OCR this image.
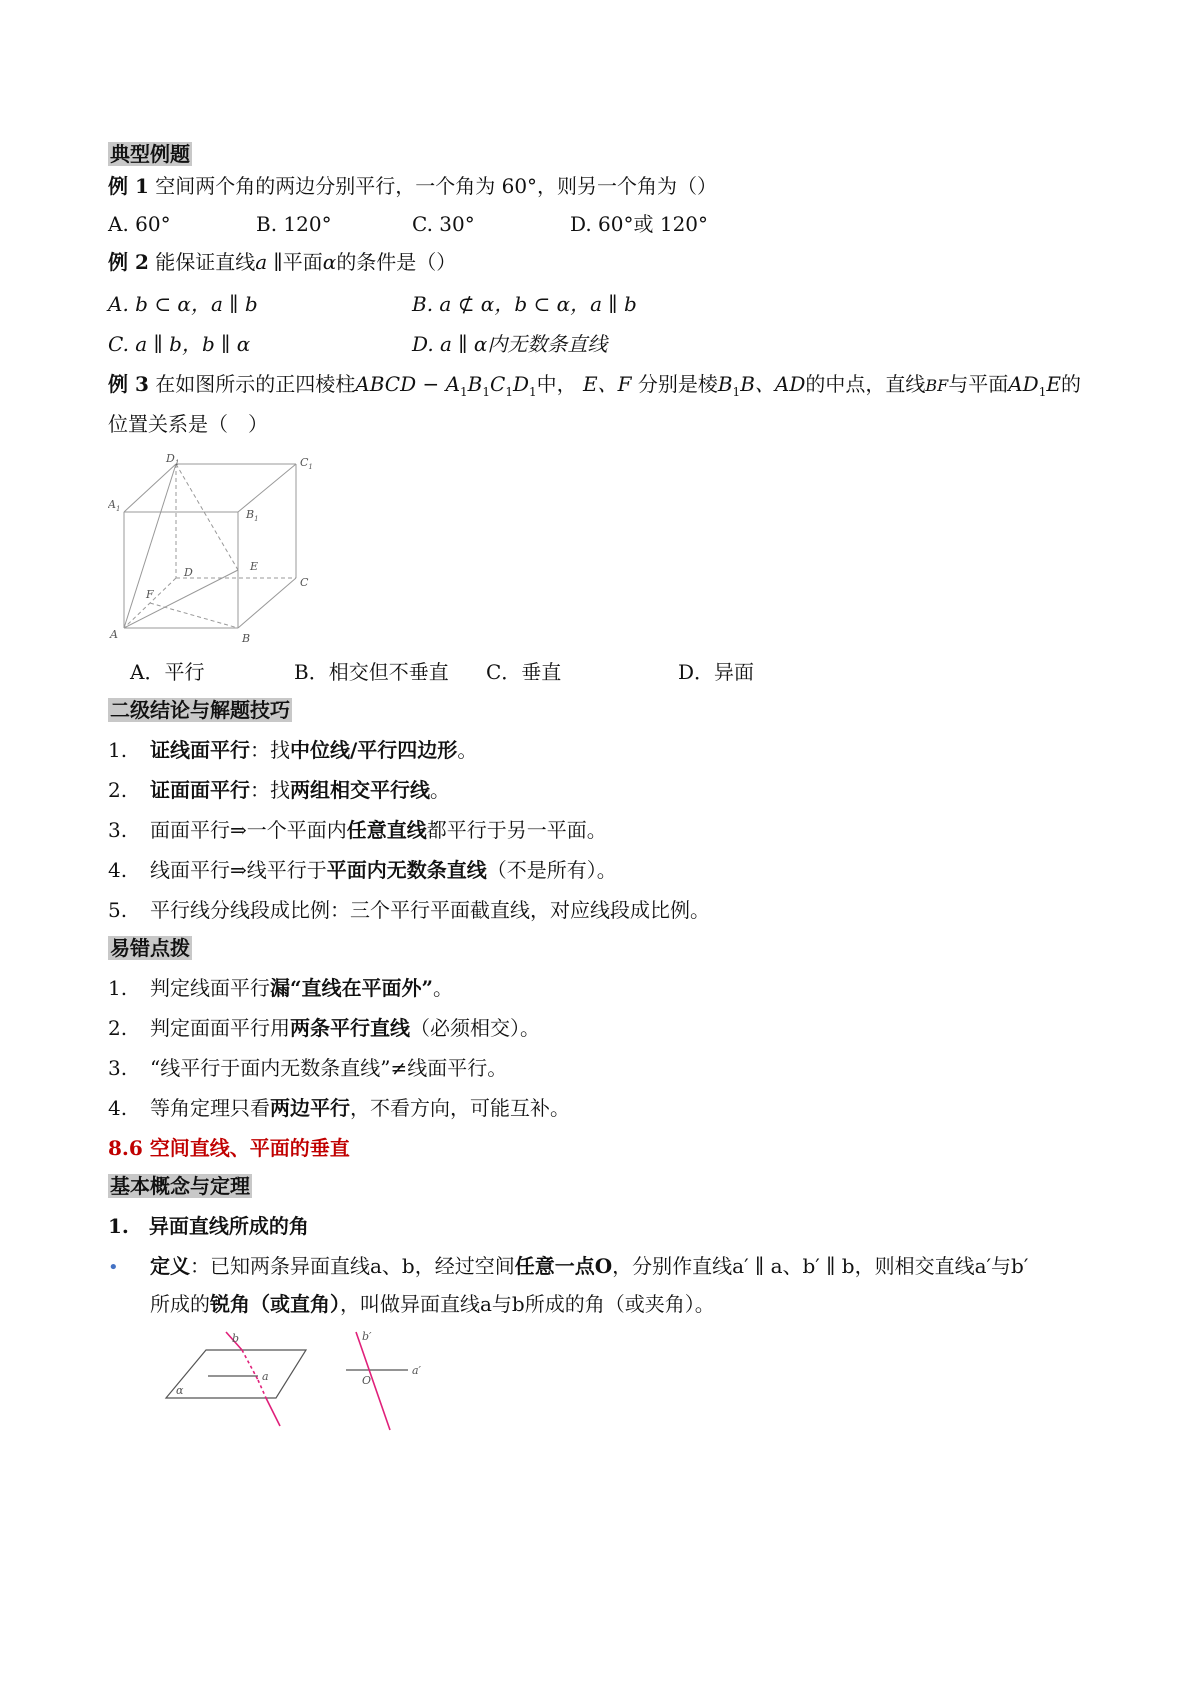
典型例题
例 1 空间两个角的两边分别平行，一个角为 60°，则另一个角为（）
A. 60°	B. 120°	C. 30°	D. 60°或 120°
例 2 能保证直线a ∥平面α的条件是（）
A. b ⊂ α，a ∥ b	B. a ⊄ α，b ⊂ α，a ∥ b
C. a ∥ b，b ∥ α	D. a ∥ α内无数条直线
例 3 在如图所示的正四棱柱ABCD − $A_1B_1C_1D_1$中， E、F 分别是棱$B_1B$、AD的中点，直线BF与平面$AD_1E$的
位置关系是（　）
$D_1$	$C_1$
$A_1$	$B_1$
D	E
C
F
A	B
A．平行	B．相交但不垂直 C．垂直	D．异面
二级结论与解题技巧
1. 证线面平行：找中位线/平行四边形。
2. 证面面平行：找两组相交平行线。
3. 面面平行⇒一个平面内任意直线都平行于另一平面。
4. 线面平行⇒线平行于平面内无数条直线（不是所有）。
5. 平行线分线段成比例：三个平行平面截直线，对应线段成比例。
易错点拨
1. 判定线面平行漏“直线在平面外”。
2. 判定面面平行用两条平行直线（必须相交）。
3. “线平行于面内无数条直线”≠线面平行。
4. 等角定理只看两边平行，不看方向，可能互补。
8.6 空间直线、平面的垂直
基本概念与定理
1.　异面直线所成的角
• 定义：已知两条异面直线a、b，经过空间任意一点O，分别作直线a′ ∥ a、b′ ∥ b，则相交直线a′与b′
所成的锐角（或直角），叫做异面直线a与b所成的角（或夹角）。
b
a
α
b′
a′
O
